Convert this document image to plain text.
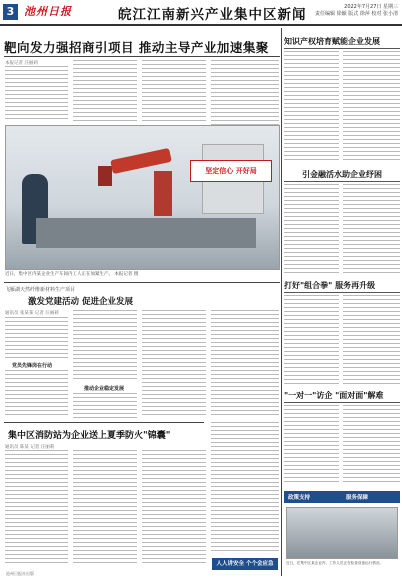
3 池州日报	皖江江南新兴产业集中区新闻	2022年7月27日 星期三
责任编辑 徐颖 版式 徐萍 校对 张小清
靶向发力强招商引项目 推动主导产业加速集聚
本报记者 汪丽莉
坚定信心 开好局
近日，集中区内某企业生产车间内工人正在加紧生产。 本报记者 摄
飞雁湖天然纤维新材料生产项目
激发党建活动 促进企业发展
通讯员 张某某 记者 汪丽莉
党员先锋岗在行动
推动企业稳定发展
集中区消防站为企业送上夏季防火"锦囊"
通讯员 陈某 记者 汪丽莉
人人讲安全 个个会应急
池州日报社出版
知识产权培育赋能企业发展
引金融活水助企业纾困
打好"组合拳" 服务再升级
"一对一"访企 "面对面"解难
政策支持	服务保障
近日，在集中区某企业内，工作人员正在检查设备运行情况。
